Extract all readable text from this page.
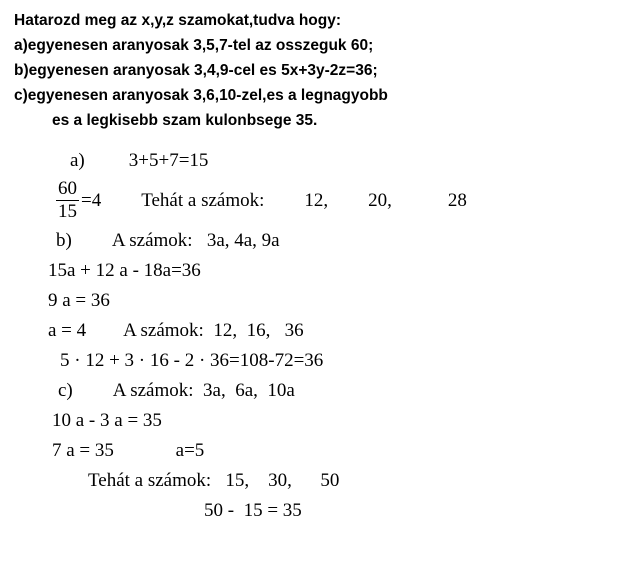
Hatarozd meg az x,y,z szamokat,tudva hogy:
a)egyenesen aranyosak 3,5,7-tel az osszeguk 60;
b)egyenesen aranyosak 3,4,9-cel es 5x+3y-2z=36;
c)egyenesen aranyosak 3,6,10-zel,es a legnagyobb
es a legkisebb szam kulonbsege 35.
a) 3+5+7=15
$\frac{60}{15} =4$ Tehát a számok: 12, 20,	28
b) A számok:   3a, 4a, 9a
15a + 12 a - 18a=36
9 a = 36
a = 4        A számok:  12,  16,   36
5 · 12 + 3 · 16 - 2 · 36=108-72=36
c) A számok:  3a,  6a,  10a
10 a - 3 a = 35
7 a = 35             a=5
Tehát a számok:   15,    30,      50
50 -  15 = 35
